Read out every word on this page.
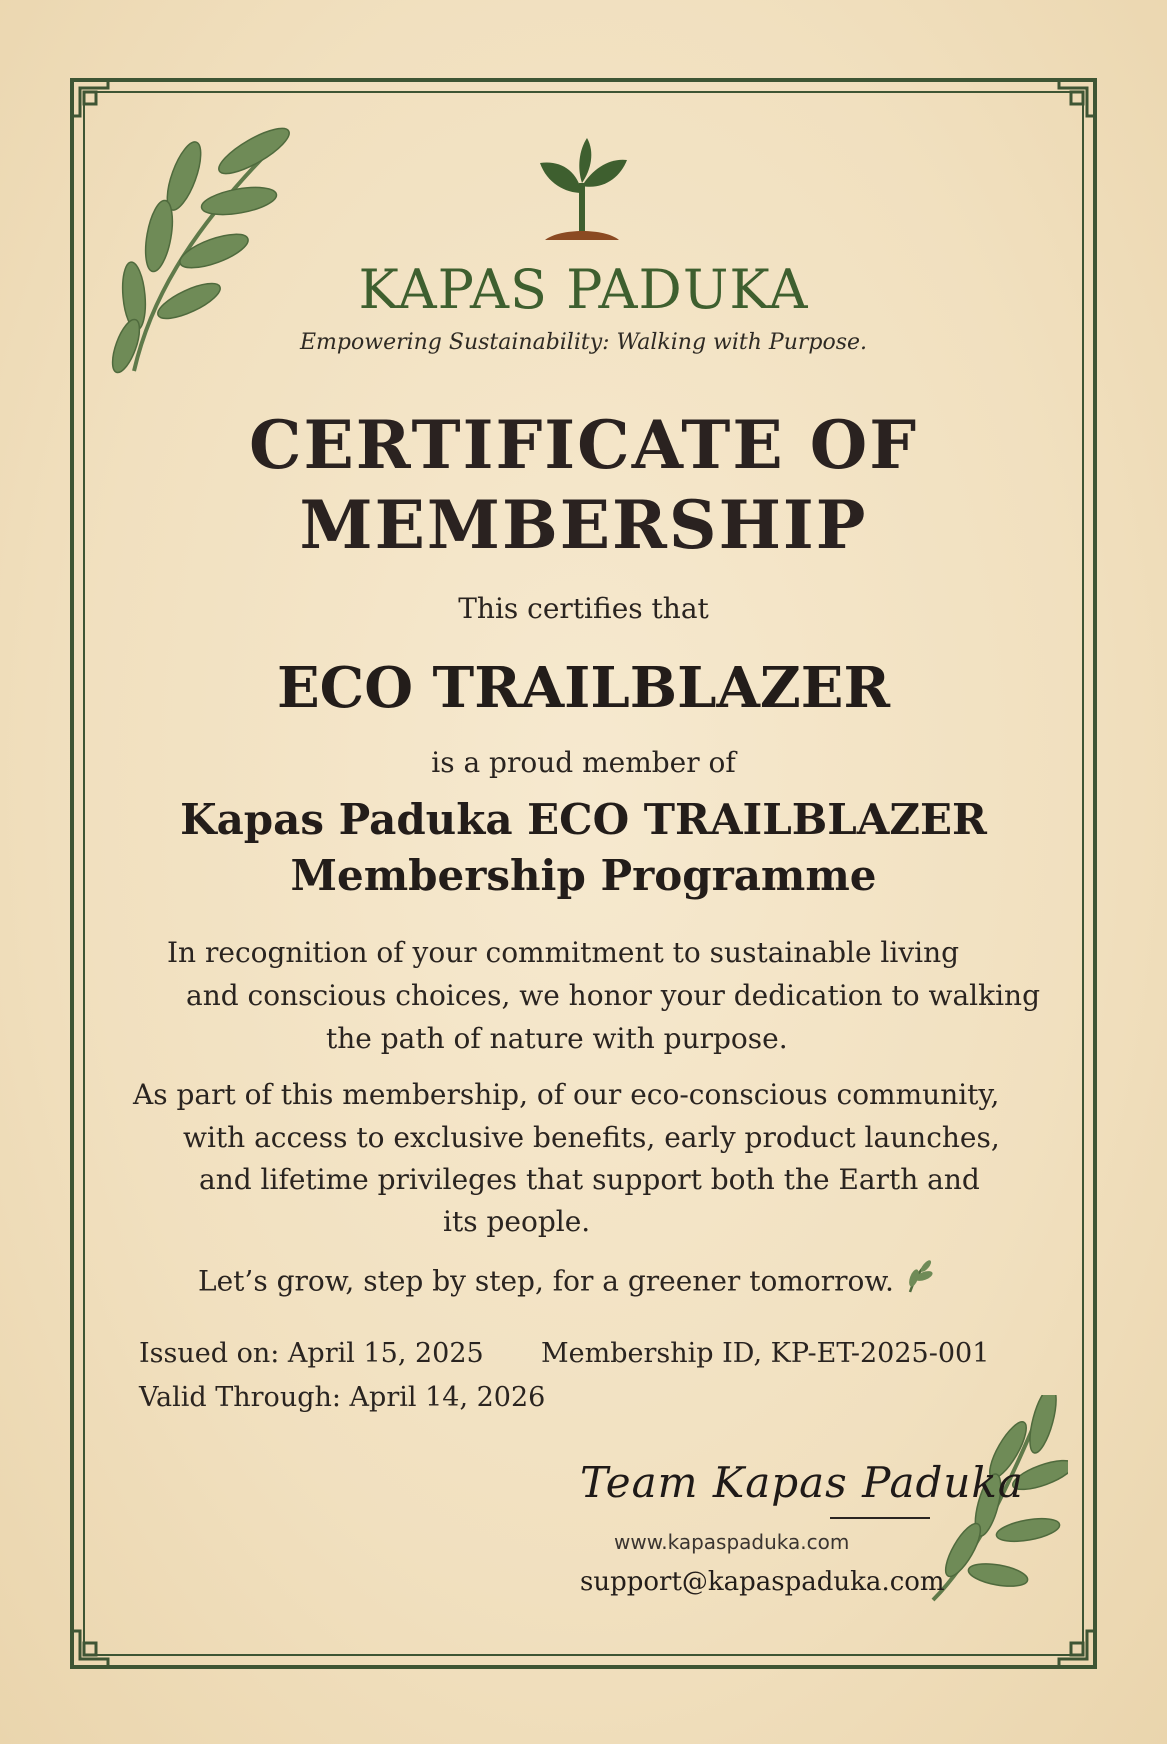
KAPAS PADUKA
Empowering Sustainability: Walking with Purpose.
CERTIFICATE OF
MEMBERSHIP
This certifies that
ECO TRAILBLAZER
is a proud member of
Kapas Paduka ECO TRAILBLAZER
Membership Programme
In recognition of your commitment to sustainable living
and conscious choices, we honor your dedication to walking
the path of nature with purpose.
As part of this membership, of our eco-conscious community,
with access to exclusive benefits, early product launches,
and lifetime privileges that support both the Earth and
its people.
Let’s grow, step by step, for a greener tomorrow.
Issued on: April 15, 2025 Membership ID, KP-ET-2025-001
Valid Through: April 14, 2026
Team Kapas Paduka
www.kapaspaduka.com
support@kapaspaduka.com
